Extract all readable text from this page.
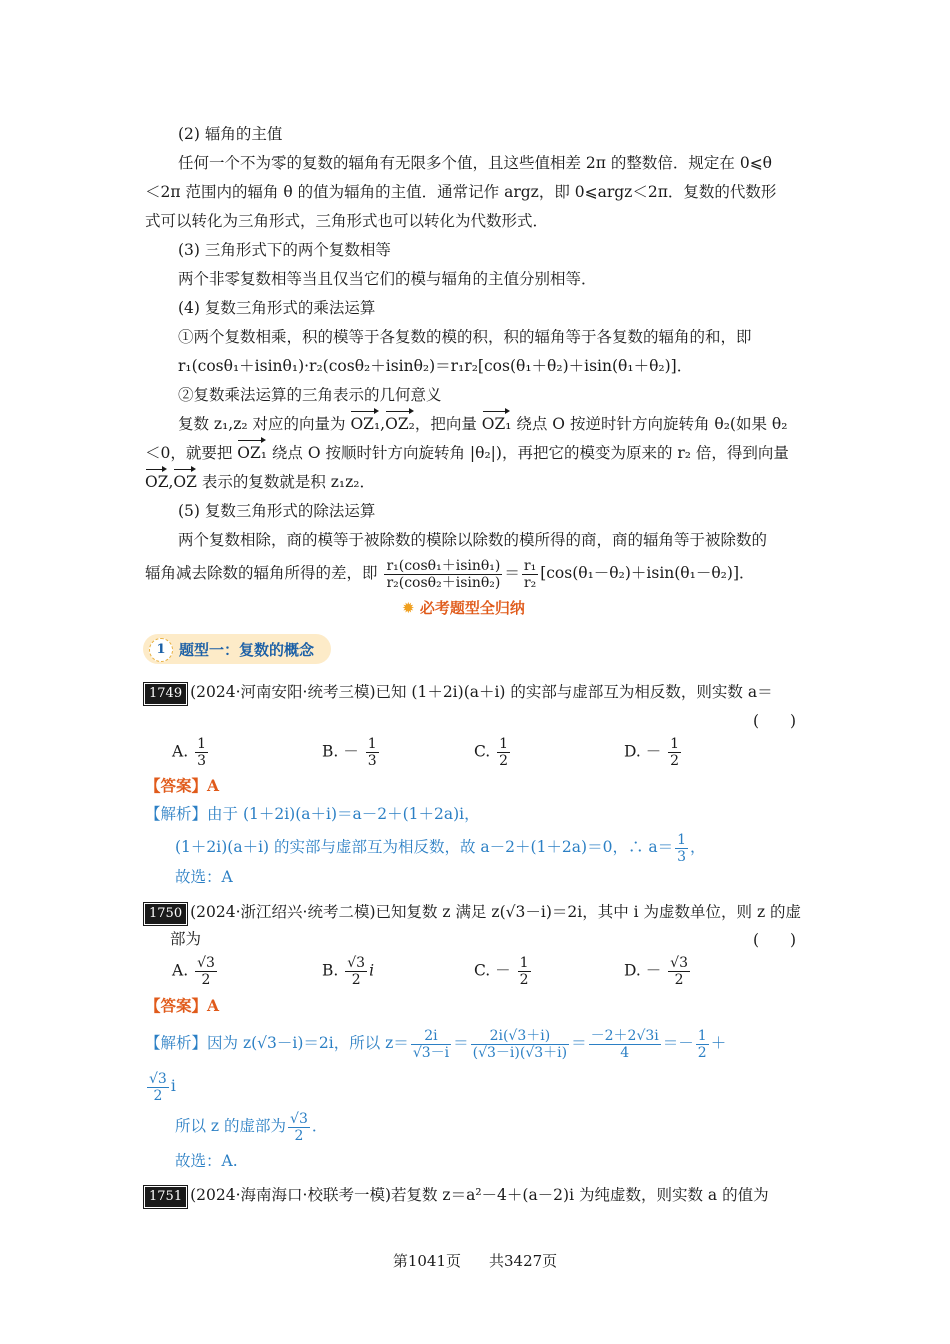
(2) 辐角的主值
任何一个不为零的复数的辐角有无限多个值，且这些值相差 2π 的整数倍．规定在 0⩽θ
＜2π 范围内的辐角 θ 的值为辐角的主值．通常记作 argz，即 0⩽argz＜2π．复数的代数形
式可以转化为三角形式，三角形式也可以转化为代数形式．
(3) 三角形式下的两个复数相等
两个非零复数相等当且仅当它们的模与辐角的主值分别相等．
(4) 复数三角形式的乘法运算
①两个复数相乘，积的模等于各复数的模的积，积的辐角等于各复数的辐角的和，即
r₁(cosθ₁＋isinθ₁)·r₂(cosθ₂＋isinθ₂)＝r₁r₂[cos(θ₁＋θ₂)＋isin(θ₁＋θ₂)]．
②复数乘法运算的三角表示的几何意义
复数 z₁,z₂ 对应的向量为 OZ₁,OZ₂，把向量 OZ₁ 绕点 O 按逆时针方向旋转角 θ₂(如果 θ₂
＜0，就要把 OZ₁ 绕点 O 按顺时针方向旋转角 |θ₂|)，再把它的模变为原来的 r₂ 倍，得到向量
OZ,OZ 表示的复数就是积 z₁z₂．
(5) 复数三角形式的除法运算
两个复数相除，商的模等于被除数的模除以除数的模所得的商，商的辐角等于被除数的
辐角减去除数的辐角所得的差，即 $\frac{\text{r₁(cosθ₁＋isinθ₁)}}{\text{r₂(cosθ₂＋isinθ₂)}} = \frac{\text{r₁}}{\text{r₂}} [\cos(\theta_1-\theta_2)+isin(\theta_1-\theta_2)]$．
✹ 必考题型全归纳
1 题型一：复数的概念
1749 (2024·河南安阳·统考三模)已知 (1＋2i)(a＋i) 的实部与虚部互为相反数，则实数 a＝
(　　)
A. $\frac{1}{3}$	B. － $\frac{1}{3}$	C. $\frac{1}{2}$	D. － $\frac{1}{2}$
【答案】A
【解析】由于 (1＋2i)(a＋i)＝a－2＋(1＋2a)i，
(1＋2i)(a＋i) 的实部与虚部互为相反数，故 a－2＋(1＋2a)＝0，∴ $a= \frac{1}{3}$ ，
故选：A
1750 (2024·浙江绍兴·统考二模)已知复数 z 满足 z(√3－i)＝2i，其中 i 为虚数单位，则 z 的虚
部为	(　　)
A. $\frac{√3}{2}$	B. $\frac{√3}{2}$ i	C. － $\frac{1}{2}$	D. － $\frac{√3}{2}$
【答案】A
【解析】因为 z(√3－i)＝2i，所以 $z= \frac{2i}{√3-i} = \frac{2i(√3+i)}{(√3-i)(√3+i)} = \frac{-2+2√3i}{4} =- \frac{1}{2}$ ＋
$\frac{√3}{2}$ i
所以 z 的虚部为 $\frac{√3}{2}$ ．
故选：A.
1751 (2024·海南海口·校联考一模)若复数 z＝a²－4＋(a－2)i 为纯虚数，则实数 a 的值为
第1041页 共3427页
